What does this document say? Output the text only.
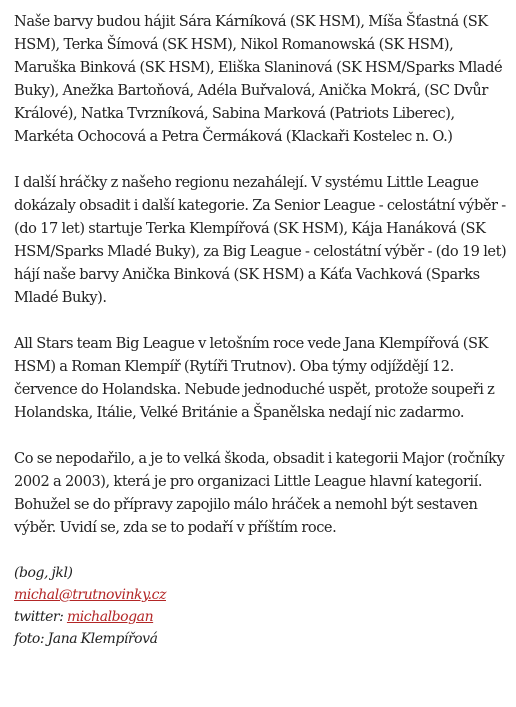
Naše barvy budou hájit Sára Kárníková (SK HSM), Míša Šťastná (SK HSM), Terka Šímová (SK HSM), Nikol Romanowská (SK HSM), Maruška Binková (SK HSM), Eliška Slaninová (SK HSM/Sparks Mladé Buky), Anežka Bartoňová, Adéla Buřvalová, Anička Mokrá, (SC Dvůr Králové), Natka Tvrzníková, Sabina Marková (Patriots Liberec), Markéta Ochocová a Petra Čermáková (Klackaři Kostelec n. O.)

I další hráčky z našeho regionu nezahálejí. V systému Little League dokázaly obsadit i další kategorie. Za Senior League - celostátní výběr - (do 17 let) startuje Terka Klempířová (SK HSM), Kája Hanáková (SK HSM/Sparks Mladé Buky), za Big League - celostátní výběr - (do 19 let) hájí naše barvy Anička Binková (SK HSM) a Káťa Vachková (Sparks Mladé Buky).

All Stars team Big League v letošním roce vede Jana Klempířová (SK HSM) a Roman Klempíř (Rytíři Trutnov). Oba týmy odjíždějí 12. července do Holandska. Nebude jednoduché uspět, protože soupeři z Holandska, Itálie, Velké Británie a Španělska nedají nic zadarmo.

Co se nepodařilo, a je to velká škoda, obsadit i kategorii Major (ročníky 2002 a 2003), která je pro organizaci Little League hlavní kategorií. Bohužel se do přípravy zapojilo málo hráček a nemohl být sestaven výběr. Uvidí se, zda se to podaří v příštím roce.

(bog, jkl)
michal@trutnovinky.cz
twitter: michalbogan
foto: Jana Klempířová
